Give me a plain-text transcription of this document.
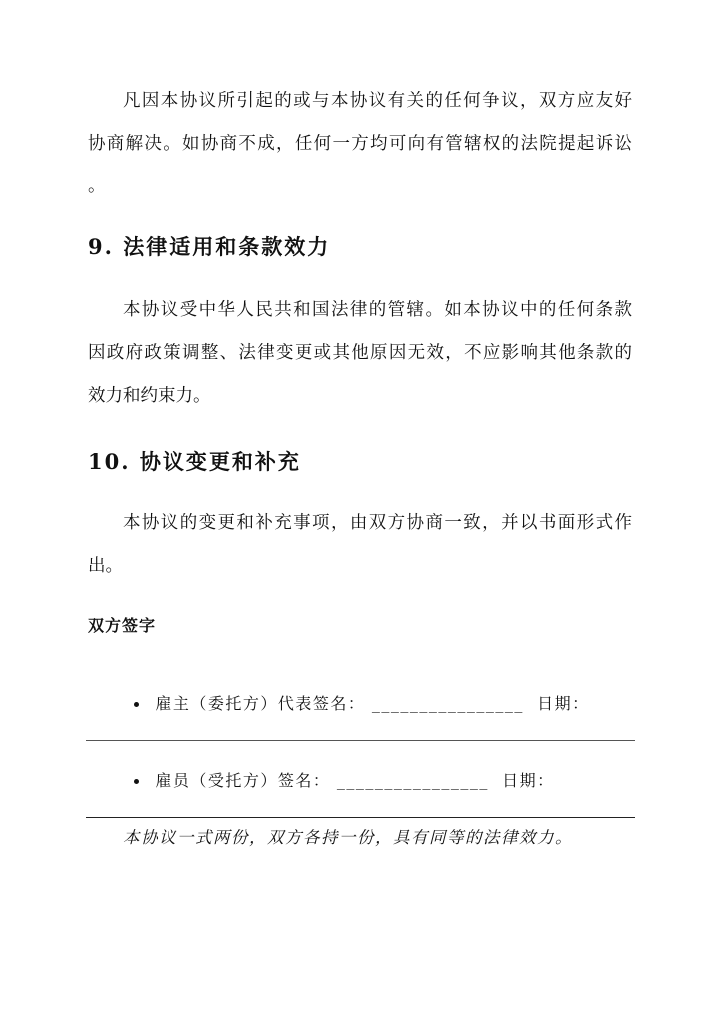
凡因本协议所引起的或与本协议有关的任何争议，双方应友好
协商解决。如协商不成，任何一方均可向有管辖权的法院提起诉讼
。
9. 法律适用和条款效力
本协议受中华人民共和国法律的管辖。如本协议中的任何条款
因政府政策调整、法律变更或其他原因无效，不应影响其他条款的
效力和约束力。
10. 协议变更和补充
本协议的变更和补充事项，由双方协商一致，并以书面形式作
出。
双方签字

雇主（委托方）代表签名： ________________  日期：

雇员（受托方）签名： ________________  日期：

本协议一式两份，双方各持一份，具有同等的法律效力。
